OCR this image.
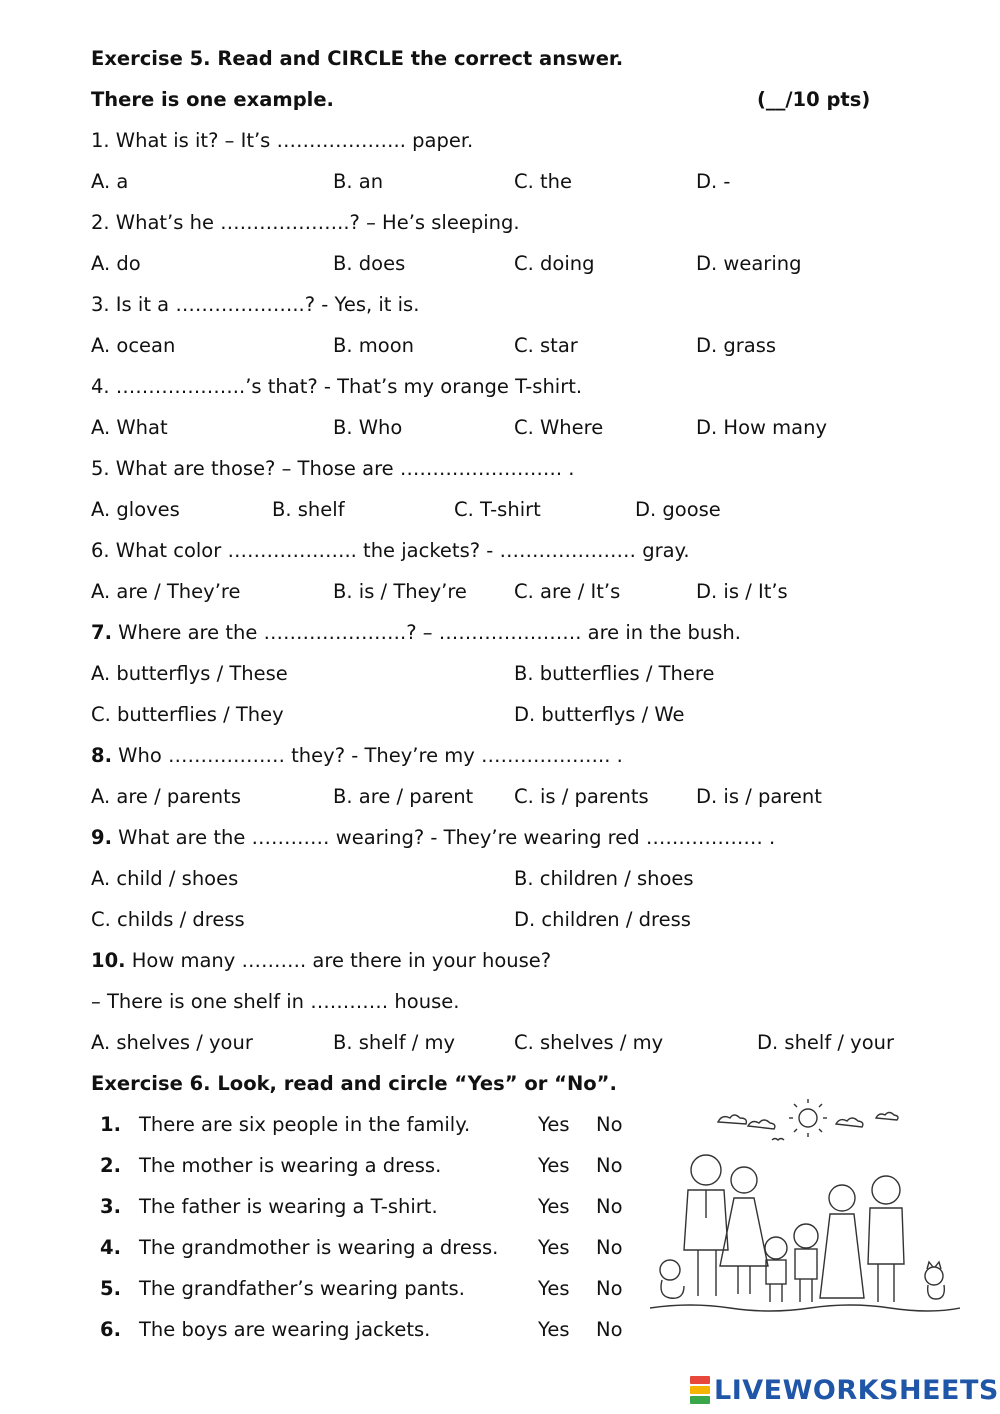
Exercise 5. Read and CIRCLE the correct answer.
There is one example.	(__/10 pts)
1. What is it? – It’s ……………….. paper.
A. a	B. an	C. the	D. -
2. What’s he ………………..? – He’s sleeping.
A. do	B. does	C. doing	D. wearing
3. Is it a ………………..? - Yes, it is.
A. ocean	B. moon	C. star	D. grass
4. ………………..’s that? - That’s my orange T-shirt.
A. What	B. Who	C. Where	D. How many
5. What are those? – Those are ……………………. .
A. gloves	B. shelf	C. T-shirt	D. goose
6. What color ……………….. the jackets? - ………………… gray.
A. are / They’re	B. is / They’re C. are / It’s	D. is / It’s
7. Where are the ………………….? – …………………. are in the bush.
A. butterflys / These	B. butterflies / There
C. butterflies / They	D. butterflys / We
8. Who ……………… they? - They’re my ……………….. .
A. are / parents	B. are / parent C. is / parents D. is / parent
9. What are the ………… wearing? - They’re wearing red ……………… .
A. child / shoes	B. children / shoes
C. childs / dress	D. children / dress
10. How many ………. are there in your house?
– There is one shelf in ………… house.
A. shelves / your	B. shelf / my	C. shelves / my	D. shelf / your
Exercise 6. Look, read and circle “Yes” or “No”.
1. There are six people in the family.	Yes No
2. The mother is wearing a dress.	Yes No
3. The father is wearing a T-shirt.	Yes No
4. The grandmother is wearing a dress. Yes No
5. The grandfather’s wearing pants.	Yes No
6. The boys are wearing jackets.	Yes No
LIVEWORKSHEETS
